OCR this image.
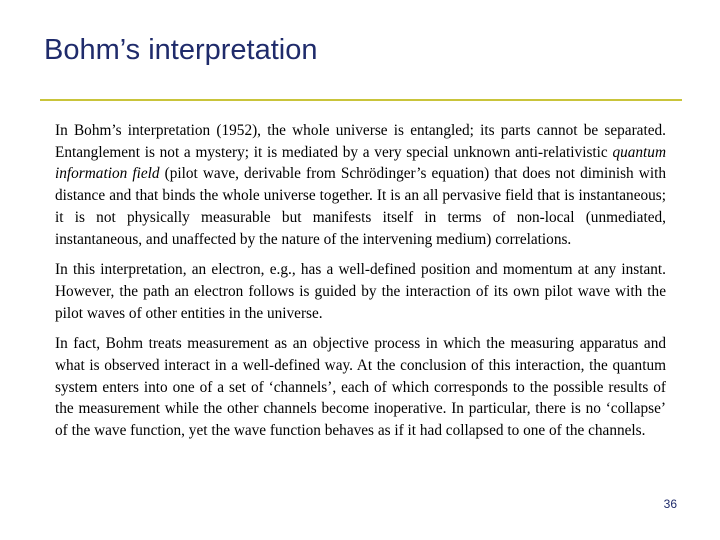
Bohm’s interpretation

In Bohm’s interpretation (1952), the whole universe is entangled; its parts cannot be separated. Entanglement is not a mystery; it is mediated by a very special unknown anti-relativistic quantum information field (pilot wave, derivable from Schrödinger’s equation) that does not diminish with distance and that binds the whole universe together. It is an all pervasive field that is instantaneous; it is not physically measurable but manifests itself in terms of non-local (unmediated, instantaneous, and unaffected by the nature of the intervening medium) correlations.

In this interpretation, an electron, e.g., has a well-defined position and momentum at any instant. However, the path an electron follows is guided by the interaction of its own pilot wave with the pilot waves of other entities in the universe.

In fact, Bohm treats measurement as an objective process in which the measuring apparatus and what is observed interact in a well-defined way. At the conclusion of this interaction, the quantum system enters into one of a set of ‘channels’, each of which corresponds to the possible results of the measurement while the other channels become inoperative. In particular, there is no ‘collapse’ of the wave function, yet the wave function behaves as if it had collapsed to one of the channels.

36
